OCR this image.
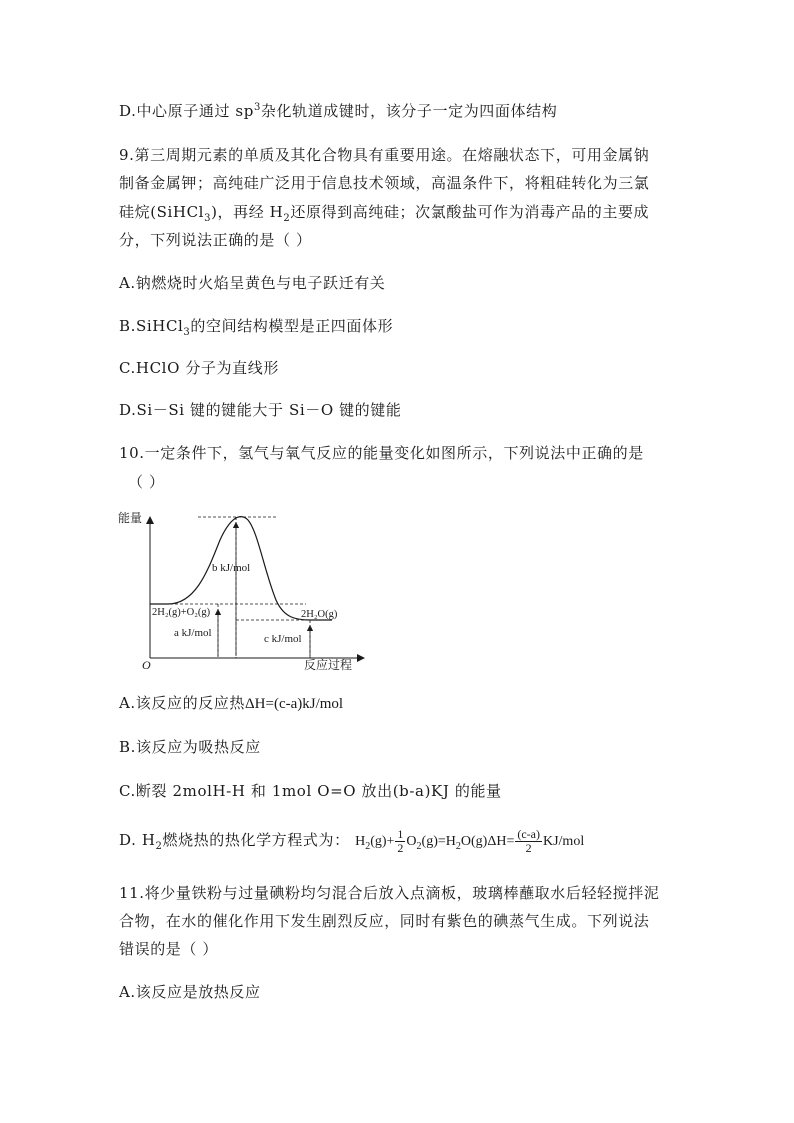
D.中心原子通过 $sp^3$杂化轨道成键时，该分子一定为四面体结构
9.第三周期元素的单质及其化合物具有重要用途。在熔融状态下，可用金属钠
制备金属钾；高纯硅广泛用于信息技术领域，高温条件下，将粗硅转化为三氯
硅烷(SiHCl$_3$)，再经 $H_2$还原得到高纯硅；次氯酸盐可作为消毒产品的主要成
分，下列说法正确的是（ ）
A.钠燃烧时火焰呈黄色与电子跃迁有关
B.SiHCl$_3$的空间结构模型是正四面体形
C.HClO 分子为直线形
D.Si－Si 键的键能大于 Si－O 键的键能
10.一定条件下，氢气与氧气反应的能量变化如图所示，下列说法中正确的是
（ ）
能量
反应过程
O
b kJ/mol
2H₂(g)+O₂(g)	2H₂O(g)
a kJ/mol	c kJ/mol
A.该反应的反应热ΔH=(c-a)kJ/mol
B.该反应为吸热反应
C.断裂 2molH-H 和 1mol O=O 放出(b-a)KJ 的能量
D. $H_2$燃烧热的热化学方程式为： $H_2(g)+ \frac{1}{2} O_2(g)=H_2O(g)\Delta H= \frac{(c-a)}{2} KJ/mol$
11.将少量铁粉与过量碘粉均匀混合后放入点滴板，玻璃棒蘸取水后轻轻搅拌泥
合物，在水的催化作用下发生剧烈反应，同时有紫色的碘蒸气生成。下列说法
错误的是（ ）
A.该反应是放热反应
